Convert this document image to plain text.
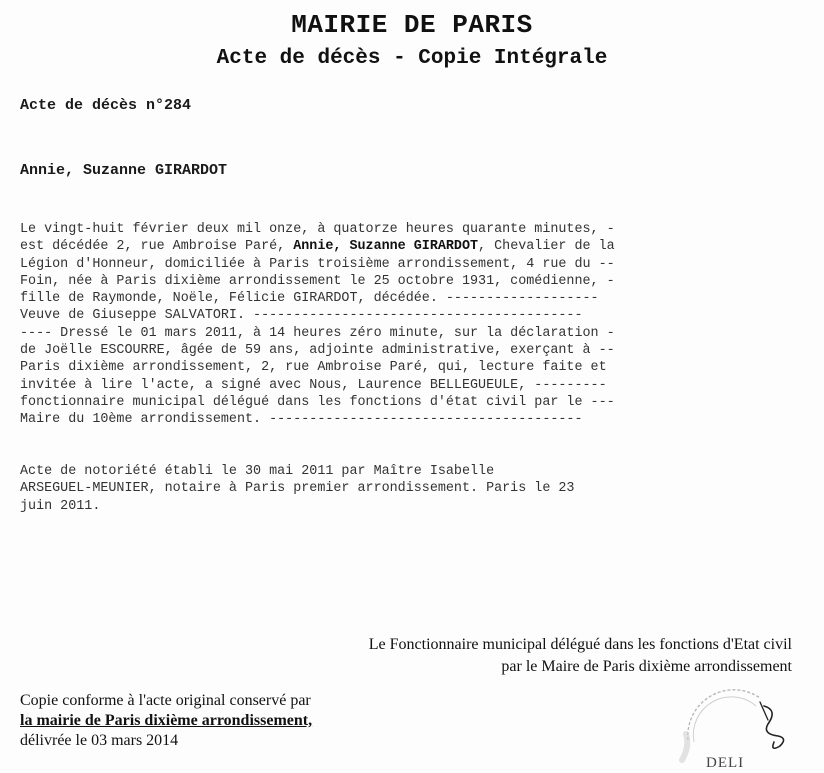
MAIRIE DE PARIS
Acte de décès - Copie Intégrale
Acte de décès n°284
Annie, Suzanne GIRARDOT
Le vingt-huit février deux mil onze, à quatorze heures quarante minutes, -
est décédée 2, rue Ambroise Paré, Annie, Suzanne GIRARDOT, Chevalier de la
Légion d'Honneur, domiciliée à Paris troisième arrondissement, 4 rue du --
Foin, née à Paris dixième arrondissement le 25 octobre 1931, comédienne, -
fille de Raymonde, Noële, Félicie GIRARDOT, décédée. -------------------
Veuve de Giuseppe SALVATORI. -----------------------------------------
---- Dressé le 01 mars 2011, à 14 heures zéro minute, sur la déclaration -
de Joëlle ESCOURRE, âgée de 59 ans, adjointe administrative, exerçant à --
Paris dixième arrondissement, 2, rue Ambroise Paré, qui, lecture faite et
invitée à lire l'acte, a signé avec Nous, Laurence BELLEGUEULE, ---------
fonctionnaire municipal délégué dans les fonctions d'état civil par le ---
Maire du 10ème arrondissement. ---------------------------------------
Acte de notoriété établi le 30 mai 2011 par Maître Isabelle
ARSEGUEL-MEUNIER, notaire à Paris premier arrondissement. Paris le 23
juin 2011.
Le Fonctionnaire municipal délégué dans les fonctions d'Etat civil
par le Maire de Paris dixième arrondissement
Copie conforme à l'acte original conservé par
la mairie de Paris dixième arrondissement,
délivrée le 03 mars 2014
DELI
